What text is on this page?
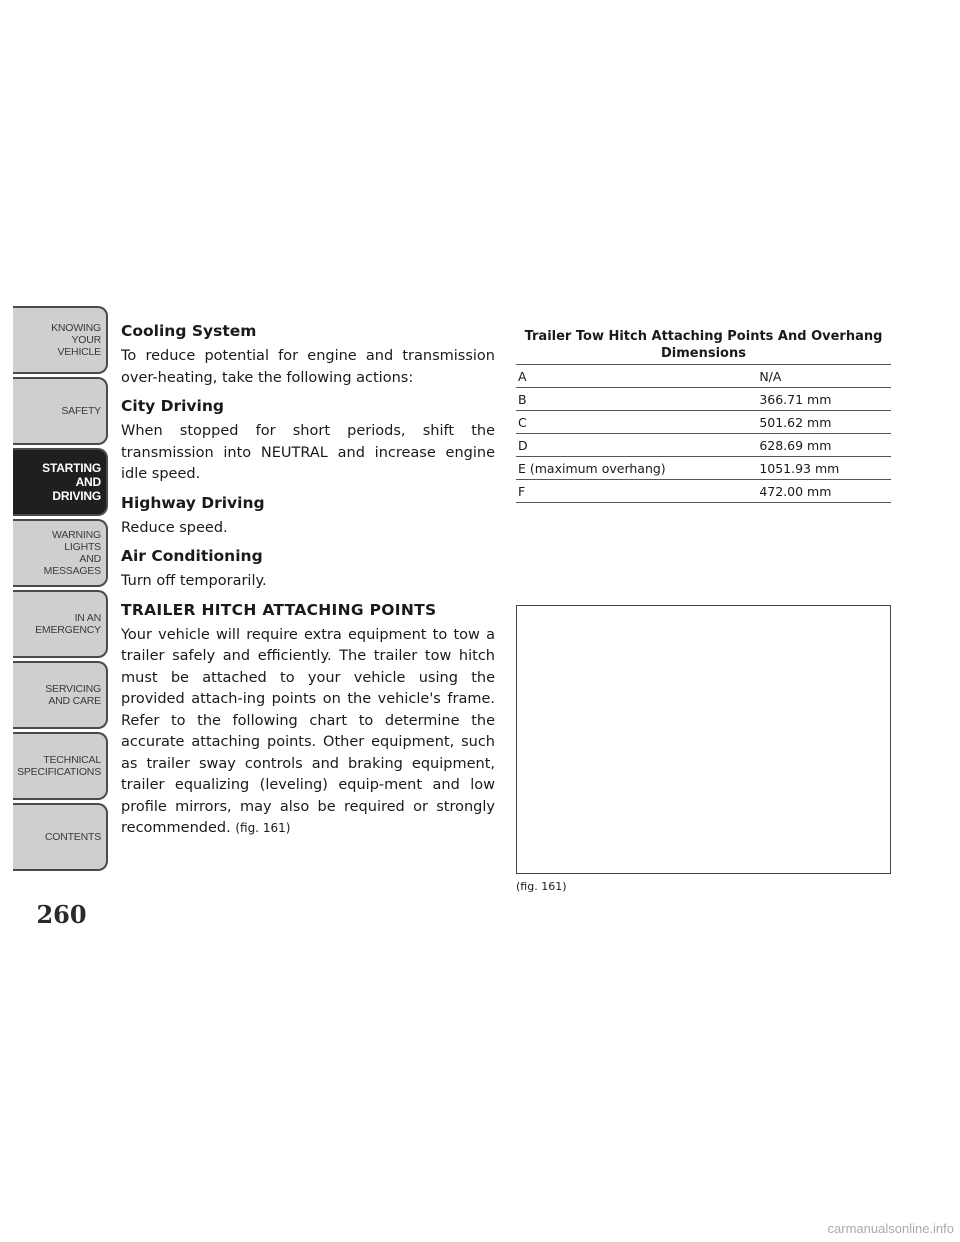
KNOWING
YOUR
VEHICLE
SAFETY
STARTING
AND
DRIVING
WARNING
LIGHTS
AND
MESSAGES
IN AN
EMERGENCY
SERVICING
AND CARE
TECHNICAL
SPECIFICATIONS
CONTENTS
260
Cooling System

To reduce potential for engine and transmission over-heating, take the following actions:

City Driving

When stopped for short periods, shift the transmission into NEUTRAL and increase engine idle speed.

Highway Driving

Reduce speed.

Air Conditioning

Turn off temporarily.

TRAILER HITCH ATTACHING POINTS

Your vehicle will require extra equipment to tow a trailer safely and efficiently. The trailer tow hitch must be attached to your vehicle using the provided attach-ing points on the vehicle's frame. Refer to the following chart to determine the accurate attaching points. Other equipment, such as trailer sway controls and braking equipment, trailer equalizing (leveling) equip-ment and low profile mirrors, may also be required or strongly recommended. (fig. 161)

Trailer Tow Hitch Attaching Points And Overhang Dimensions
A	N/A
B	366.71 mm
C	501.62 mm
D	628.69 mm
E (maximum overhang)	1051.93 mm
F	472.00 mm
(fig. 161)
carmanualsonline.info
